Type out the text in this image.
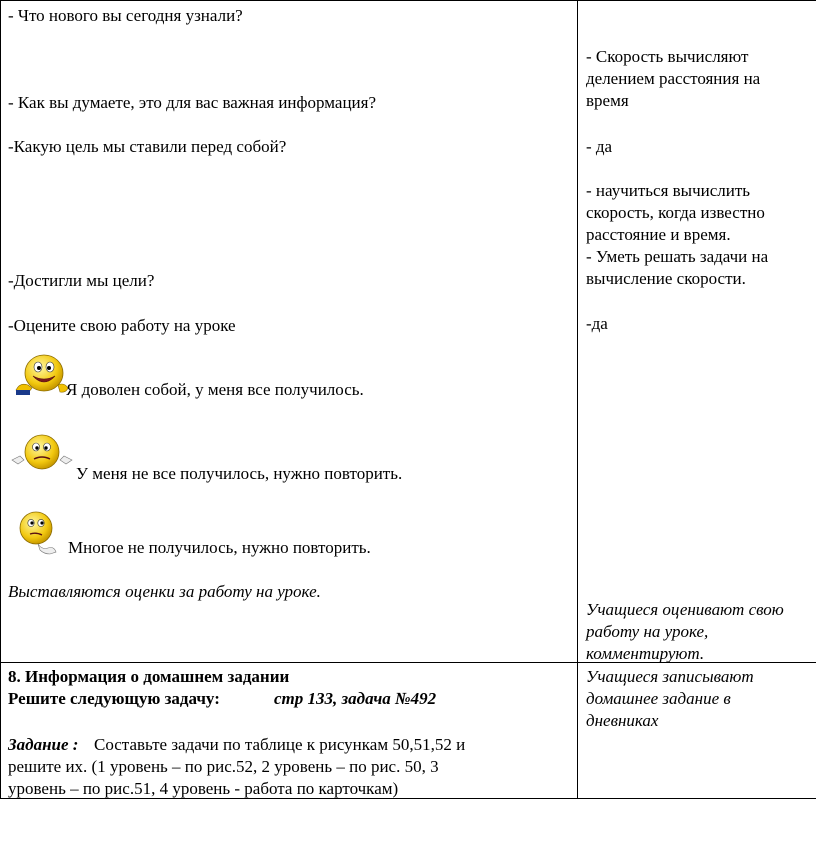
- Что нового вы сегодня узнали?
- Как вы думаете, это для вас важная информация?
-Какую цель мы ставили перед собой?
-Достигли мы цели?
-Оцените свою работу на уроке
Я доволен собой, у меня все получилось.
У меня не все получилось, нужно повторить.
Многое не получилось, нужно повторить.
Выставляются оценки за работу на уроке.
- Скорость вычисляют
делением расстояния на
время
- да
- научиться вычислить
скорость, когда известно
расстояние и время.
- Уметь решать задачи на
вычисление скорости.
-да
Учащиеся оценивают свою
работу на уроке,
комментируют.
8. Информация о домашнем задании
Решите следующую задачу:	стр 133, задача №492
Задание : Составьте задачи по таблице к рисункам 50,51,52 и
решите их. (1 уровень – по рис.52, 2 уровень – по рис. 50, 3
уровень – по рис.51, 4 уровень - работа по карточкам)
Учащиеся записывают
домашнее задание в
дневниках
